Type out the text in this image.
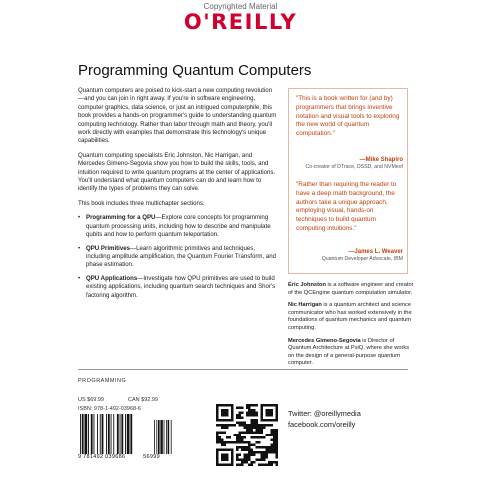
Copyrighted Material
O'REILLY
Programming Quantum Computers

Quantum computers are poised to kick-start a new computing revolution—and you can join in right away. If you're in software engineering, computer graphics, data science, or just an intrigued computerphile, this book provides a hands-on programmer's guide to understanding quantum computing technology. Rather than labor through math and theory, you'll work directly with examples that demonstrate this technology's unique capabilities.

Quantum computing specialists Eric Johnston, Nic Harrigan, and Mercedes Gimeno-Segovia show you how to build the skills, tools, and intuition required to write quantum programs at the center of applications. You'll understand what quantum computers can do and learn how to identify the types of problems they can solve.

This book includes three multichapter sections:

• Programming for a QPU—Explore core concepts for programming quantum processing units, including how to describe and manipulate qubits and how to perform quantum teleportation.
• QPU Primitives—Learn algorithmic primitives and techniques, including amplitude amplification, the Quantum Fourier Transform, and phase estimation.
• QPU Applications—Investigate how QPU primitives are used to build existing applications, including quantum search techniques and Shor's factoring algorithm.
"This is a book written for (and by) programmers that brings inventive notation and visual tools to exploring the new world of quantum computation."
—Mike Shapiro
Co-creator of DTrace, DSSD, and NVMeof
"Rather than requiring the reader to have a deep math background, the authors take a unique approach, employing visual, hands-on techniques to build quantum computing intuitions."
—James L. Weaver
Quantum Developer Advocate, IBM

Eric Johnston is a software engineer and creator of the QCEngine quantum computation simulator.

Nic Harrigan is a quantum architect and science communicator who has worked extensively in the foundations of quantum mechanics and quantum computing.

Mercedes Gimeno-Segovia is Director of Quantum Architecture at PsiQ, where she works on the design of a general-purpose quantum computer.

PROGRAMMING
US $69.99	CAN $92.99
ISBN: 978-1-492-03968-6
9 781492 039686	56999
Twitter: @oreillymedia
facebook.com/oreilly
